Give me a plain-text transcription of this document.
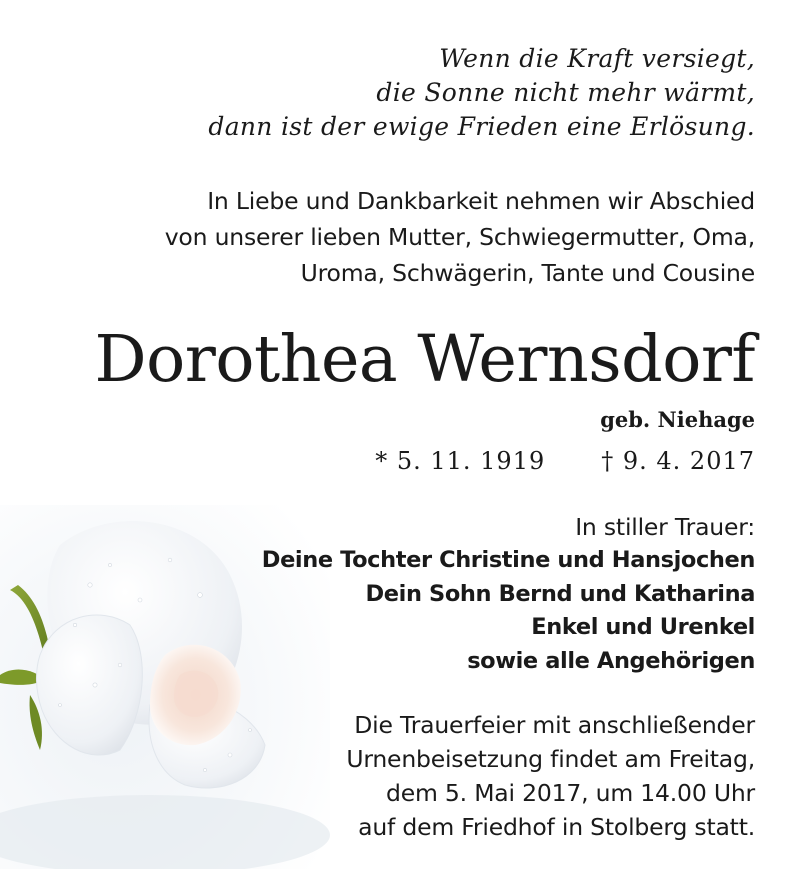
Wenn die Kraft versiegt,
die Sonne nicht mehr wärmt,
dann ist der ewige Frieden eine Erlösung.
In Liebe und Dankbarkeit nehmen wir Abschied
von unserer lieben Mutter, Schwiegermutter, Oma,
Uroma, Schwägerin, Tante und Cousine
Dorothea Wernsdorf
geb. Niehage
* 5. 11. 1919 † 9. 4. 2017
In stiller Trauer:
Deine Tochter Christine und Hansjochen
Dein Sohn Bernd und Katharina
Enkel und Urenkel
sowie alle Angehörigen
Die Trauerfeier mit anschließender
Urnenbeisetzung findet am Freitag,
dem 5. Mai 2017, um 14.00 Uhr
auf dem Friedhof in Stolberg statt.
